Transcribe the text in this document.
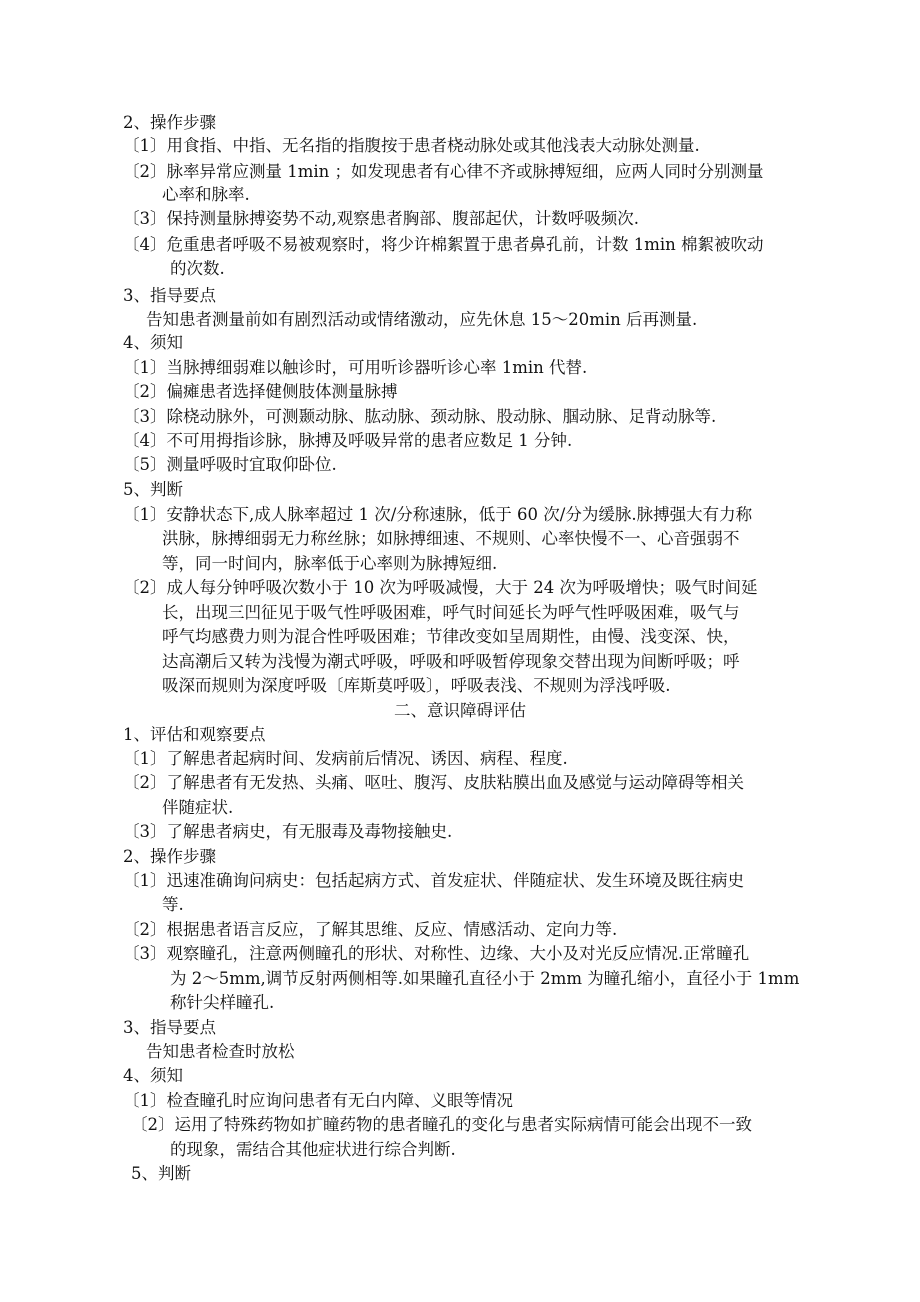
2、操作步骤
〔1〕用食指、中指、无名指的指腹按于患者桡动脉处或其他浅表大动脉处测量.
〔2〕脉率异常应测量 1min ；如发现患者有心律不齐或脉搏短细，应两人同时分别测量
心率和脉率.
〔3〕保持测量脉搏姿势不动,观察患者胸部、腹部起伏，计数呼吸频次.
〔4〕危重患者呼吸不易被观察时，将少许棉絮置于患者鼻孔前，计数 1min 棉絮被吹动
的次数.
3、指导要点
告知患者测量前如有剧烈活动或情绪激动，应先休息 15～20min 后再测量.
4、须知
〔1〕当脉搏细弱难以触诊时，可用听诊器听诊心率 1min 代替.
〔2〕偏瘫患者选择健侧肢体测量脉搏
〔3〕除桡动脉外，可测颞动脉、肱动脉、颈动脉、股动脉、腘动脉、足背动脉等.
〔4〕不可用拇指诊脉，脉搏及呼吸异常的患者应数足 1 分钟.
〔5〕测量呼吸时宜取仰卧位.
5、判断
〔1〕安静状态下,成人脉率超过 1 次/分称速脉，低于 60 次/分为缓脉.脉搏强大有力称
洪脉，脉搏细弱无力称丝脉；如脉搏细速、不规则、心率快慢不一、心音强弱不
等，同一时间内，脉率低于心率则为脉搏短细.
〔2〕成人每分钟呼吸次数小于 10 次为呼吸减慢，大于 24 次为呼吸增快；吸气时间延
长，出现三凹征见于吸气性呼吸困难，呼气时间延长为呼气性呼吸困难，吸气与
呼气均感费力则为混合性呼吸困难；节律改变如呈周期性，由慢、浅变深、快，
达高潮后又转为浅慢为潮式呼吸，呼吸和呼吸暂停现象交替出现为间断呼吸；呼
吸深而规则为深度呼吸〔库斯莫呼吸〕，呼吸表浅、不规则为浮浅呼吸.
二、意识障碍评估
1、评估和观察要点
〔1〕了解患者起病时间、发病前后情况、诱因、病程、程度.
〔2〕了解患者有无发热、头痛、呕吐、腹泻、皮肤粘膜出血及感觉与运动障碍等相关
伴随症状.
〔3〕了解患者病史，有无服毒及毒物接触史.
2、操作步骤
〔1〕迅速准确询问病史：包括起病方式、首发症状、伴随症状、发生环境及既往病史
等.
〔2〕根据患者语言反应，了解其思维、反应、情感活动、定向力等.
〔3〕观察瞳孔，注意两侧瞳孔的形状、对称性、边缘、大小及对光反应情况.正常瞳孔
为 2～5mm,调节反射两侧相等.如果瞳孔直径小于 2mm 为瞳孔缩小，直径小于 1mm
称针尖样瞳孔.
3、指导要点
告知患者检查时放松
4、须知
〔1〕检查瞳孔时应询问患者有无白内障、义眼等情况
〔2〕运用了特殊药物如扩瞳药物的患者瞳孔的变化与患者实际病情可能会出现不一致
的现象，需结合其他症状进行综合判断.
5、判断
